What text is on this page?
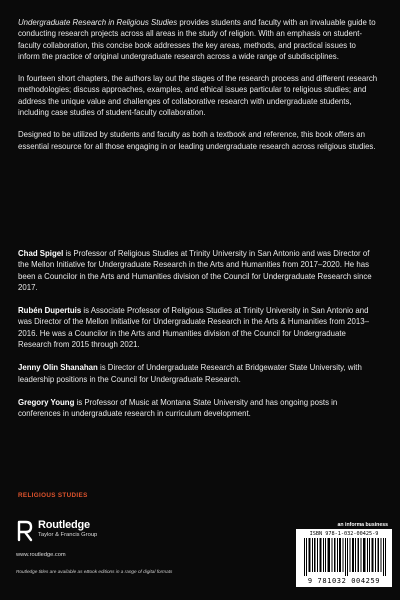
Undergraduate Research in Religious Studies provides students and faculty with an invaluable guide to conducting research projects across all areas in the study of religion. With an emphasis on student-faculty collaboration, this concise book addresses the key areas, methods, and practical issues to inform the practice of original undergraduate research across a wide range of subdisciplines.

In fourteen short chapters, the authors lay out the stages of the research process and different research methodologies; discuss approaches, examples, and ethical issues particular to religious studies; and address the unique value and challenges of collaborative research with undergraduate students, including case studies of student-faculty collaboration.

Designed to be utilized by students and faculty as both a textbook and reference, this book offers an essential resource for all those engaging in or leading undergraduate research across religious studies.

Chad Spigel is Professor of Religious Studies at Trinity University in San Antonio and was Director of the Mellon Initiative for Undergraduate Research in the Arts and Humanities from 2017–2020. He has been a Councilor in the Arts and Humanities division of the Council for Undergraduate Research since 2017.

Rubén Dupertuis is Associate Professor of Religious Studies at Trinity University in San Antonio and was Director of the Mellon Initiative for Undergraduate Research in the Arts & Humanities from 2013–2016. He was a Councilor in the Arts and Humanities division of the Council for Undergraduate Research from 2015 through 2021.

Jenny Olin Shanahan is Director of Undergraduate Research at Bridgewater State University, with leadership positions in the Council for Undergraduate Research.

Gregory Young is Professor of Music at Montana State University and has ongoing posts in conferences in undergraduate research in curriculum development.

RELIGIOUS STUDIES
Routledge
Taylor & Francis Group
www.routledge.com
Routledge titles are available as eBook editions in a range of digital formats
an informa business
ISBN 978-1-032-00425-9
9 781032 004259
